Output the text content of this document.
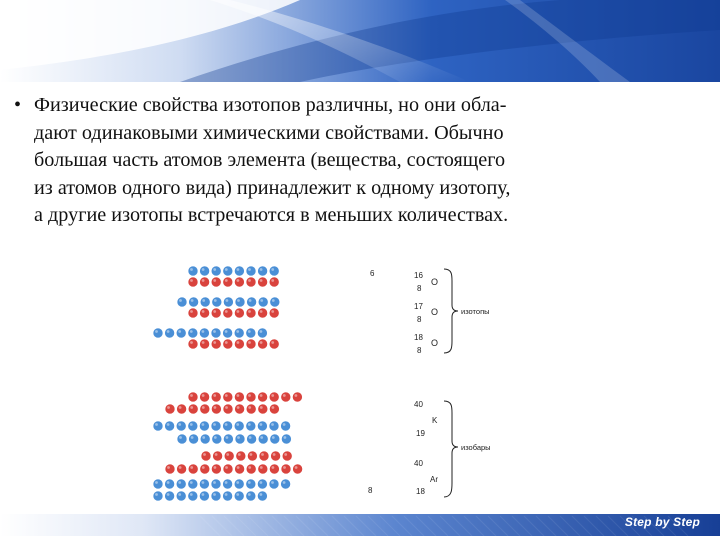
• Физические свойства изотопов различны, но они обла-
дают одинаковыми химическими свойствами. Обычно
большая часть атомов элемента (вещества, состоящего
из атомов одного вида) принадлежит к одному изотопу,
а другие изотопы встречаются в меньших количествах.
6	16
8
O
17
8
O
18
8
O
изотопы
40
19
K
40
18
Ar
изобары
8
Step by Step
